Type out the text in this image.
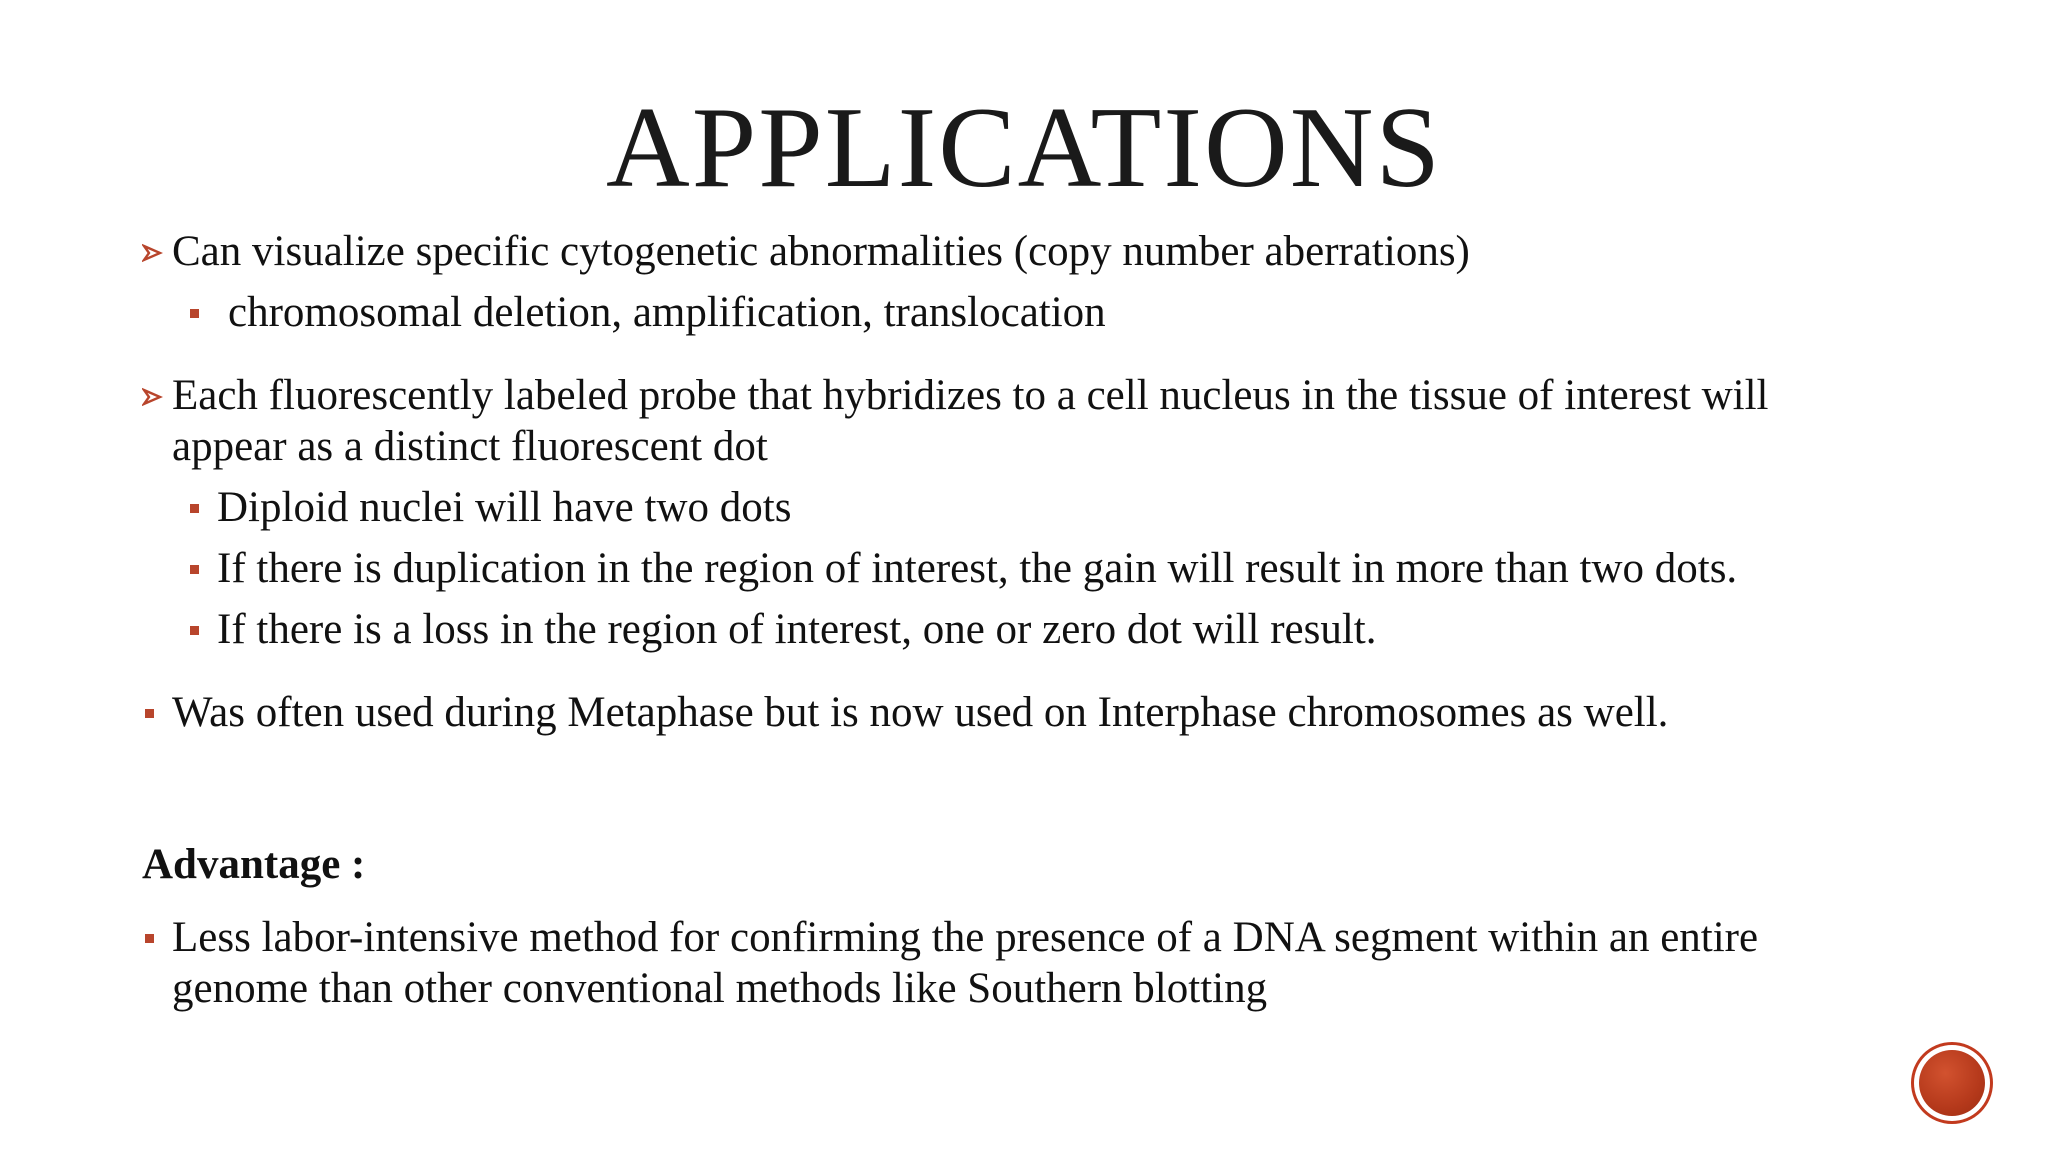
APPLICATIONS
Can visualize specific cytogenetic abnormalities (copy number aberrations)
chromosomal deletion, amplification, translocation
Each fluorescently labeled probe that hybridizes to a cell nucleus in the tissue of interest will
appear as a distinct fluorescent dot
Diploid nuclei will have two dots
If there is duplication in the region of interest, the gain will result in more than two dots.
If there is a loss in the region of interest, one or zero dot will result.
Was often used during Metaphase but is now used on Interphase chromosomes as well.
Advantage :
Less labor-intensive method for confirming the presence of a DNA segment within an entire
genome than other conventional methods like Southern blotting
